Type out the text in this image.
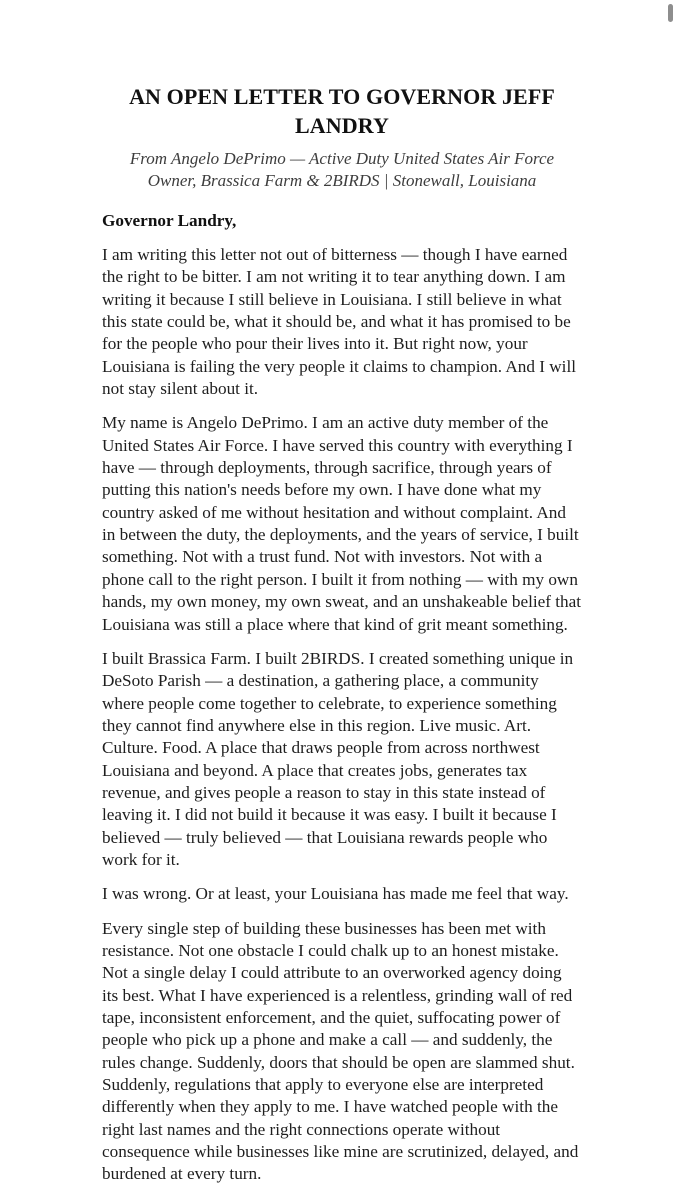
AN OPEN LETTER TO GOVERNOR JEFF LANDRY
From Angelo DePrimo — Active Duty United States Air Force
Owner, Brassica Farm & 2BIRDS | Stonewall, Louisiana

Governor Landry,

I am writing this letter not out of bitterness — though I have earned the right to be bitter. I am not writing it to tear anything down. I am writing it because I still believe in Louisiana. I still believe in what this state could be, what it should be, and what it has promised to be for the people who pour their lives into it. But right now, your Louisiana is failing the very people it claims to champion. And I will not stay silent about it.

My name is Angelo DePrimo. I am an active duty member of the United States Air Force. I have served this country with everything I have — through deployments, through sacrifice, through years of putting this nation's needs before my own. I have done what my country asked of me without hesitation and without complaint. And in between the duty, the deployments, and the years of service, I built something. Not with a trust fund. Not with investors. Not with a phone call to the right person. I built it from nothing — with my own hands, my own money, my own sweat, and an unshakeable belief that Louisiana was still a place where that kind of grit meant something.

I built Brassica Farm. I built 2BIRDS. I created something unique in DeSoto Parish — a destination, a gathering place, a community where people come together to celebrate, to experience something they cannot find anywhere else in this region. Live music. Art. Culture. Food. A place that draws people from across northwest Louisiana and beyond. A place that creates jobs, generates tax revenue, and gives people a reason to stay in this state instead of leaving it. I did not build it because it was easy. I built it because I believed — truly believed — that Louisiana rewards people who work for it.

I was wrong. Or at least, your Louisiana has made me feel that way.

Every single step of building these businesses has been met with resistance. Not one obstacle I could chalk up to an honest mistake. Not a single delay I could attribute to an overworked agency doing its best. What I have experienced is a relentless, grinding wall of red tape, inconsistent enforcement, and the quiet, suffocating power of people who pick up a phone and make a call — and suddenly, the rules change. Suddenly, doors that should be open are slammed shut. Suddenly, regulations that apply to everyone else are interpreted differently when they apply to me. I have watched people with the right last names and the right connections operate without consequence while businesses like mine are scrutinized, delayed, and burdened at every turn.
